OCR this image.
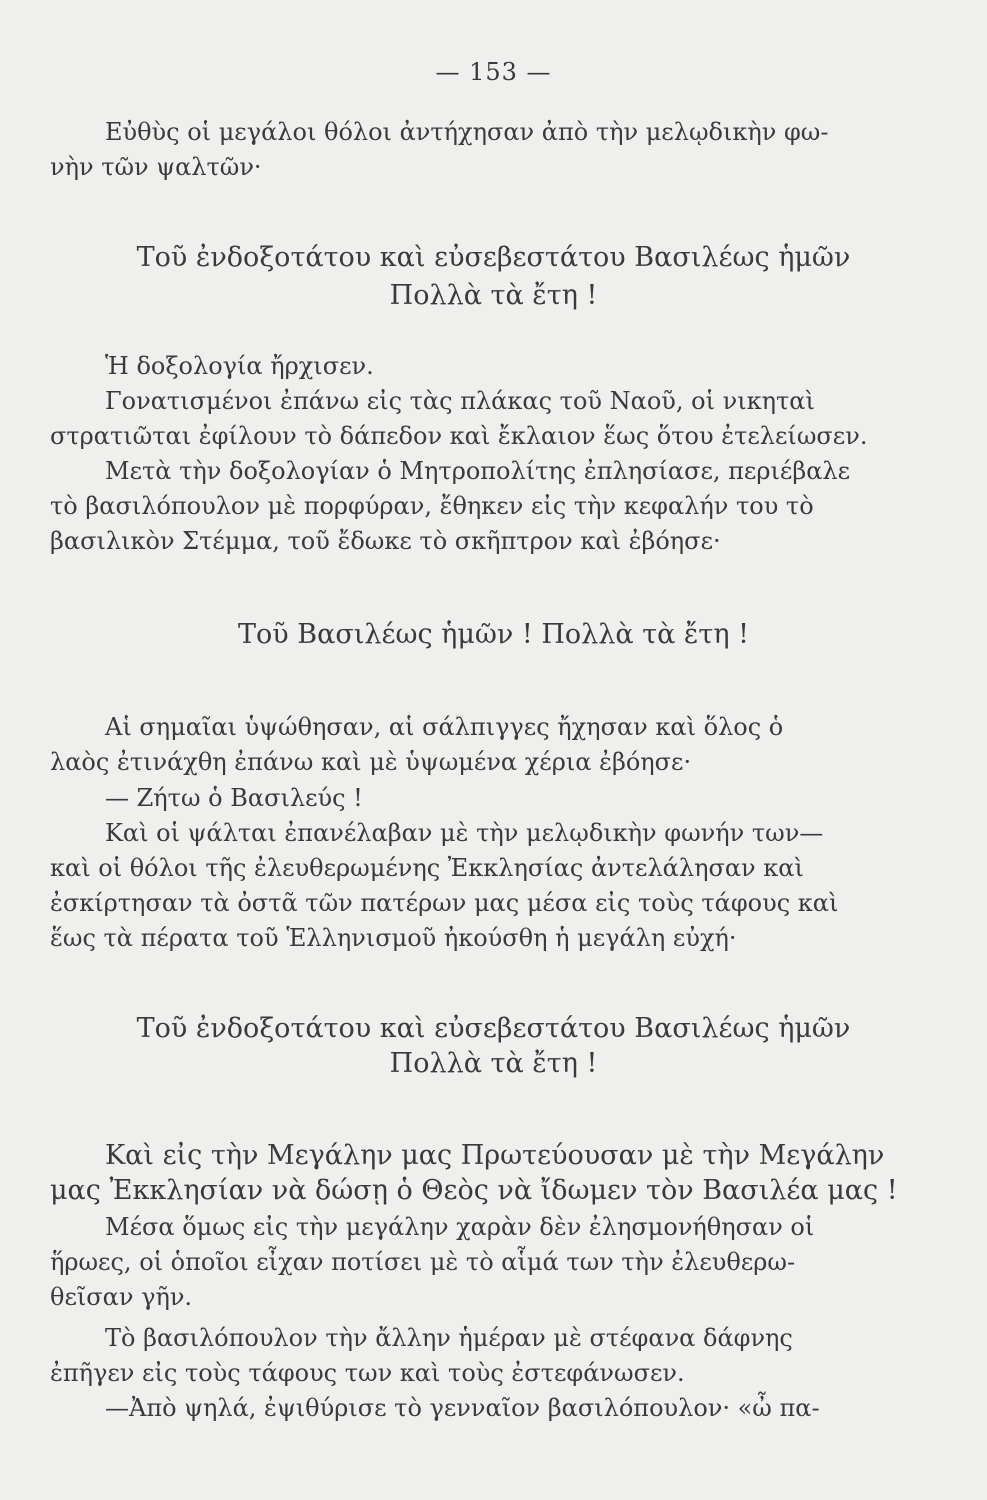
— 153 —
Εὐθὺς οἱ μεγάλοι θόλοι ἀντήχησαν ἀπὸ τὴν μελῳδικὴν φω-
νὴν τῶν ψαλτῶν·
Τοῦ ἐνδοξοτάτου καὶ εὐσεβεστάτου Βασιλέως ἡμῶν
Πολλὰ τὰ ἔτη !
Ἡ δοξολογία ἤρχισεν.
Γονατισμένοι ἐπάνω εἰς τὰς πλάκας τοῦ Ναοῦ, οἱ νικηταὶ
στρατιῶται ἐφίλουν τὸ δάπεδον καὶ ἔκλαιον ἕως ὅτου ἐτελείωσεν.
Μετὰ τὴν δοξολογίαν ὁ Μητροπολίτης ἐπλησίασε, περιέβαλε
τὸ βασιλόπουλον μὲ πορφύραν, ἔθηκεν εἰς τὴν κεφαλήν του τὸ
βασιλικὸν Στέμμα, τοῦ ἔδωκε τὸ σκῆπτρον καὶ ἐβόησε·
Τοῦ Βασιλέως ἡμῶν ! Πολλὰ τὰ ἔτη !
Αἱ σημαῖαι ὑψώθησαν, αἱ σάλπιγγες ἤχησαν καὶ ὅλος ὁ
λαὸς ἐτινάχθη ἐπάνω καὶ μὲ ὑψωμένα χέρια ἐβόησε·
— Ζήτω ὁ Βασιλεύς !
Καὶ οἱ ψάλται ἐπανέλαβαν μὲ τὴν μελῳδικὴν φωνήν των—
καὶ οἱ θόλοι τῆς ἐλευθερωμένης Ἐκκλησίας ἀντελάλησαν καὶ
ἐσκίρτησαν τὰ ὀστᾶ τῶν πατέρων μας μέσα εἰς τοὺς τάφους καὶ
ἕως τὰ πέρατα τοῦ Ἑλληνισμοῦ ἠκούσθη ἡ μεγάλη εὐχή·
Τοῦ ἐνδοξοτάτου καὶ εὐσεβεστάτου Βασιλέως ἡμῶν
Πολλὰ τὰ ἔτη !
Καὶ εἰς τὴν Μεγάλην μας Πρωτεύουσαν μὲ τὴν Μεγάλην
μας Ἐκκλησίαν νὰ δώσῃ ὁ Θεὸς νὰ ἴδωμεν τὸν Βασιλέα μας !
Μέσα ὅμως εἰς τὴν μεγάλην χαρὰν δὲν ἐλησμονήθησαν οἱ
ἥρωες, οἱ ὁποῖοι εἶχαν ποτίσει μὲ τὸ αἷμά των τὴν ἐλευθερω-
θεῖσαν γῆν.
Τὸ βασιλόπουλον τὴν ἄλλην ἡμέραν μὲ στέφανα δάφνης
ἐπῆγεν εἰς τοὺς τάφους των καὶ τοὺς ἐστεφάνωσεν.
—Ἀπὸ ψηλά, ἐψιθύρισε τὸ γενναῖον βασιλόπουλον· «ὦ πα-
